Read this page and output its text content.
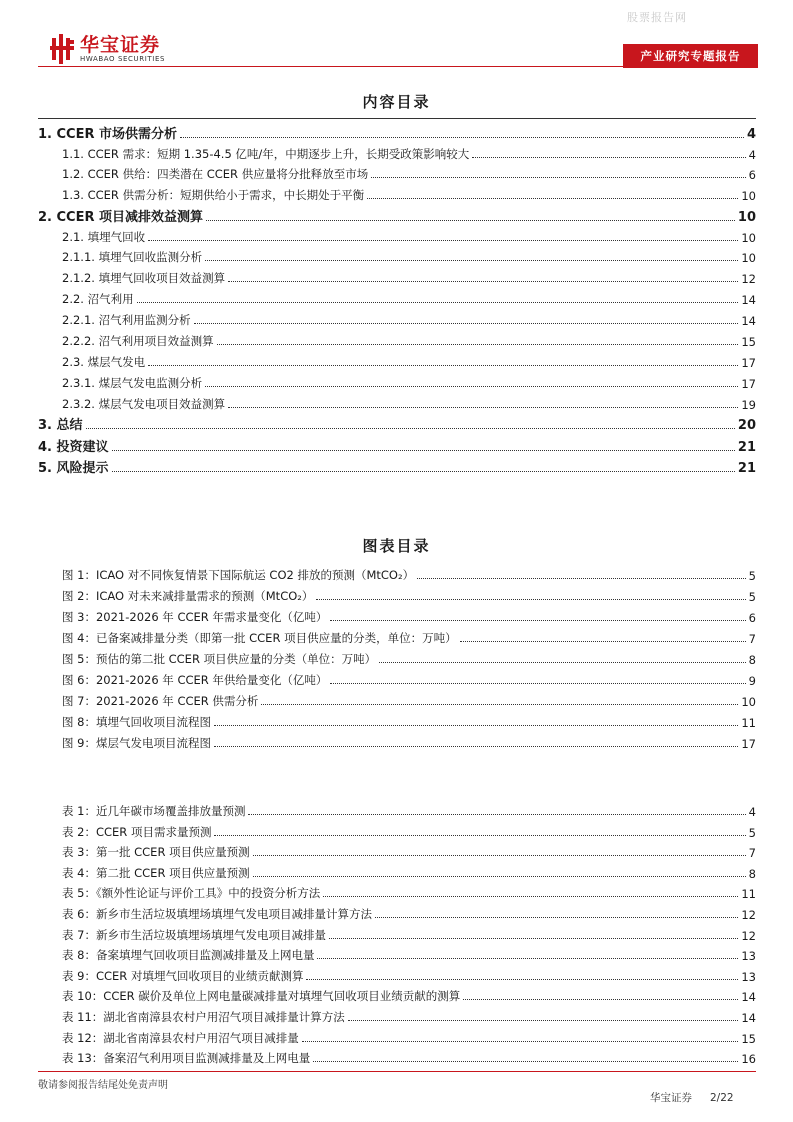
股票报告网
华宝证券
HWABAO SECURITIES	产业研究专题报告
内容目录
1. CCER 市场供需分析	4
1.1. CCER 需求：短期 1.35-4.5 亿吨/年，中期逐步上升，长期受政策影响较大	4
1.2. CCER 供给：四类潜在 CCER 供应量将分批释放至市场	6
1.3. CCER 供需分析：短期供给小于需求，中长期处于平衡	10
2. CCER 项目减排效益测算	10
2.1. 填埋气回收	10
2.1.1. 填埋气回收监测分析	10
2.1.2. 填埋气回收项目效益测算	12
2.2. 沼气利用	14
2.2.1. 沼气利用监测分析	14
2.2.2. 沼气利用项目效益测算	15
2.3. 煤层气发电	17
2.3.1. 煤层气发电监测分析	17
2.3.2. 煤层气发电项目效益测算	19
3. 总结	20
4. 投资建议	21
5. 风险提示	21
图表目录
图 1：ICAO 对不同恢复情景下国际航运 CO2 排放的预测（MtCO₂）	5
图 2：ICAO 对未来减排量需求的预测（MtCO₂）	5
图 3：2021-2026 年 CCER 年需求量变化（亿吨）	6
图 4：已备案减排量分类（即第一批 CCER 项目供应量的分类，单位：万吨）	7
图 5：预估的第二批 CCER 项目供应量的分类（单位：万吨）	8
图 6：2021-2026 年 CCER 年供给量变化（亿吨）	9
图 7：2021-2026 年 CCER 供需分析	10
图 8：填埋气回收项目流程图	11
图 9：煤层气发电项目流程图	17
表 1：近几年碳市场覆盖排放量预测	4
表 2：CCER 项目需求量预测	5
表 3：第一批 CCER 项目供应量预测	7
表 4：第二批 CCER 项目供应量预测	8
表 5：《额外性论证与评价工具》中的投资分析方法	11
表 6：新乡市生活垃圾填埋场填埋气发电项目减排量计算方法	12
表 7：新乡市生活垃圾填埋场填埋气发电项目减排量	12
表 8：备案填埋气回收项目监测减排量及上网电量	13
表 9：CCER 对填埋气回收项目的业绩贡献测算	13
表 10：CCER 碳价及单位上网电量碳减排量对填埋气回收项目业绩贡献的测算	14
表 11：湖北省南漳县农村户用沼气项目减排量计算方法	14
表 12：湖北省南漳县农村户用沼气项目减排量	15
表 13：备案沼气利用项目监测减排量及上网电量	16
敬请参阅报告结尾处免责声明
华宝证券 2/22
